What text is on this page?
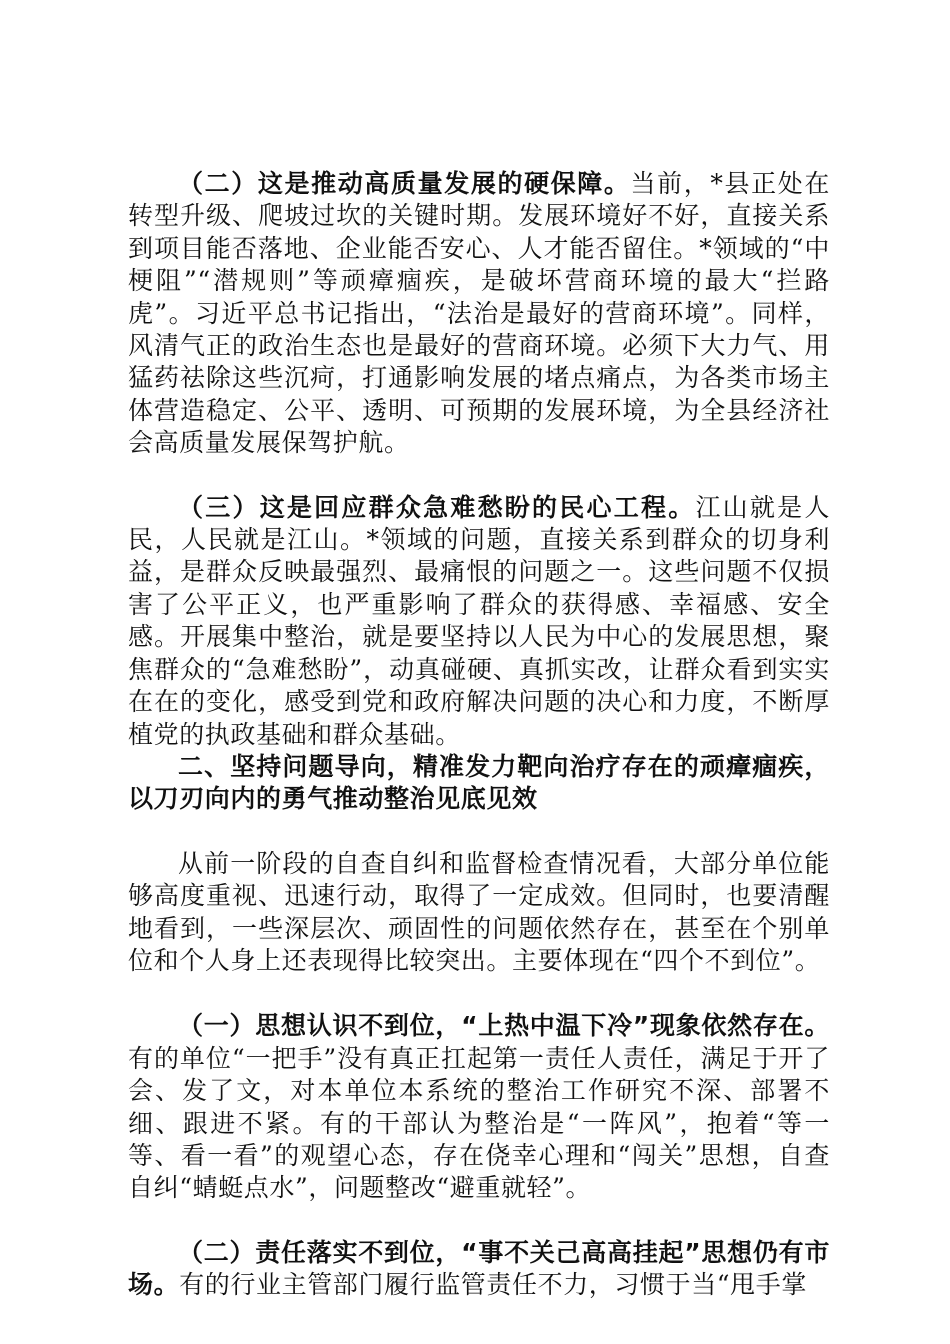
（二）这是推动高质量发展的硬保障。当前，*县正处在转型升级、爬坡过坎的关键时期。发展环境好不好，直接关系到项目能否落地、企业能否安心、人才能否留住。*领域的“中梗阻”“潜规则”等顽瘴痼疾，是破坏营商环境的最大“拦路虎”。习近平总书记指出，“法治是最好的营商环境”。同样，风清气正的政治生态也是最好的营商环境。必须下大力气、用猛药祛除这些沉疴，打通影响发展的堵点痛点，为各类市场主体营造稳定、公平、透明、可预期的发展环境，为全县经济社会高质量发展保驾护航。

（三）这是回应群众急难愁盼的民心工程。江山就是人民，人民就是江山。*领域的问题，直接关系到群众的切身利益，是群众反映最强烈、最痛恨的问题之一。这些问题不仅损害了公平正义，也严重影响了群众的获得感、幸福感、安全感。开展集中整治，就是要坚持以人民为中心的发展思想，聚焦群众的“急难愁盼”，动真碰硬、真抓实改，让群众看到实实在在的变化，感受到党和政府解决问题的决心和力度，不断厚植党的执政基础和群众基础。

二、坚持问题导向，精准发力靶向治疗存在的顽瘴痼疾，以刀刃向内的勇气推动整治见底见效

从前一阶段的自查自纠和监督检查情况看，大部分单位能够高度重视、迅速行动，取得了一定成效。但同时，也要清醒地看到，一些深层次、顽固性的问题依然存在，甚至在个别单位和个人身上还表现得比较突出。主要体现在“四个不到位”。

（一）思想认识不到位，“上热中温下冷”现象依然存在。有的单位“一把手”没有真正扛起第一责任人责任，满足于开了会、发了文，对本单位本系统的整治工作研究不深、部署不细、跟进不紧。有的干部认为整治是“一阵风”，抱着“等一等、看一看”的观望心态，存在侥幸心理和“闯关”思想，自查自纠“蜻蜓点水”，问题整改“避重就轻”。

（二）责任落实不到位，“事不关己高高挂起”思想仍有市场。有的行业主管部门履行监管责任不力，习惯于当“甩手掌
